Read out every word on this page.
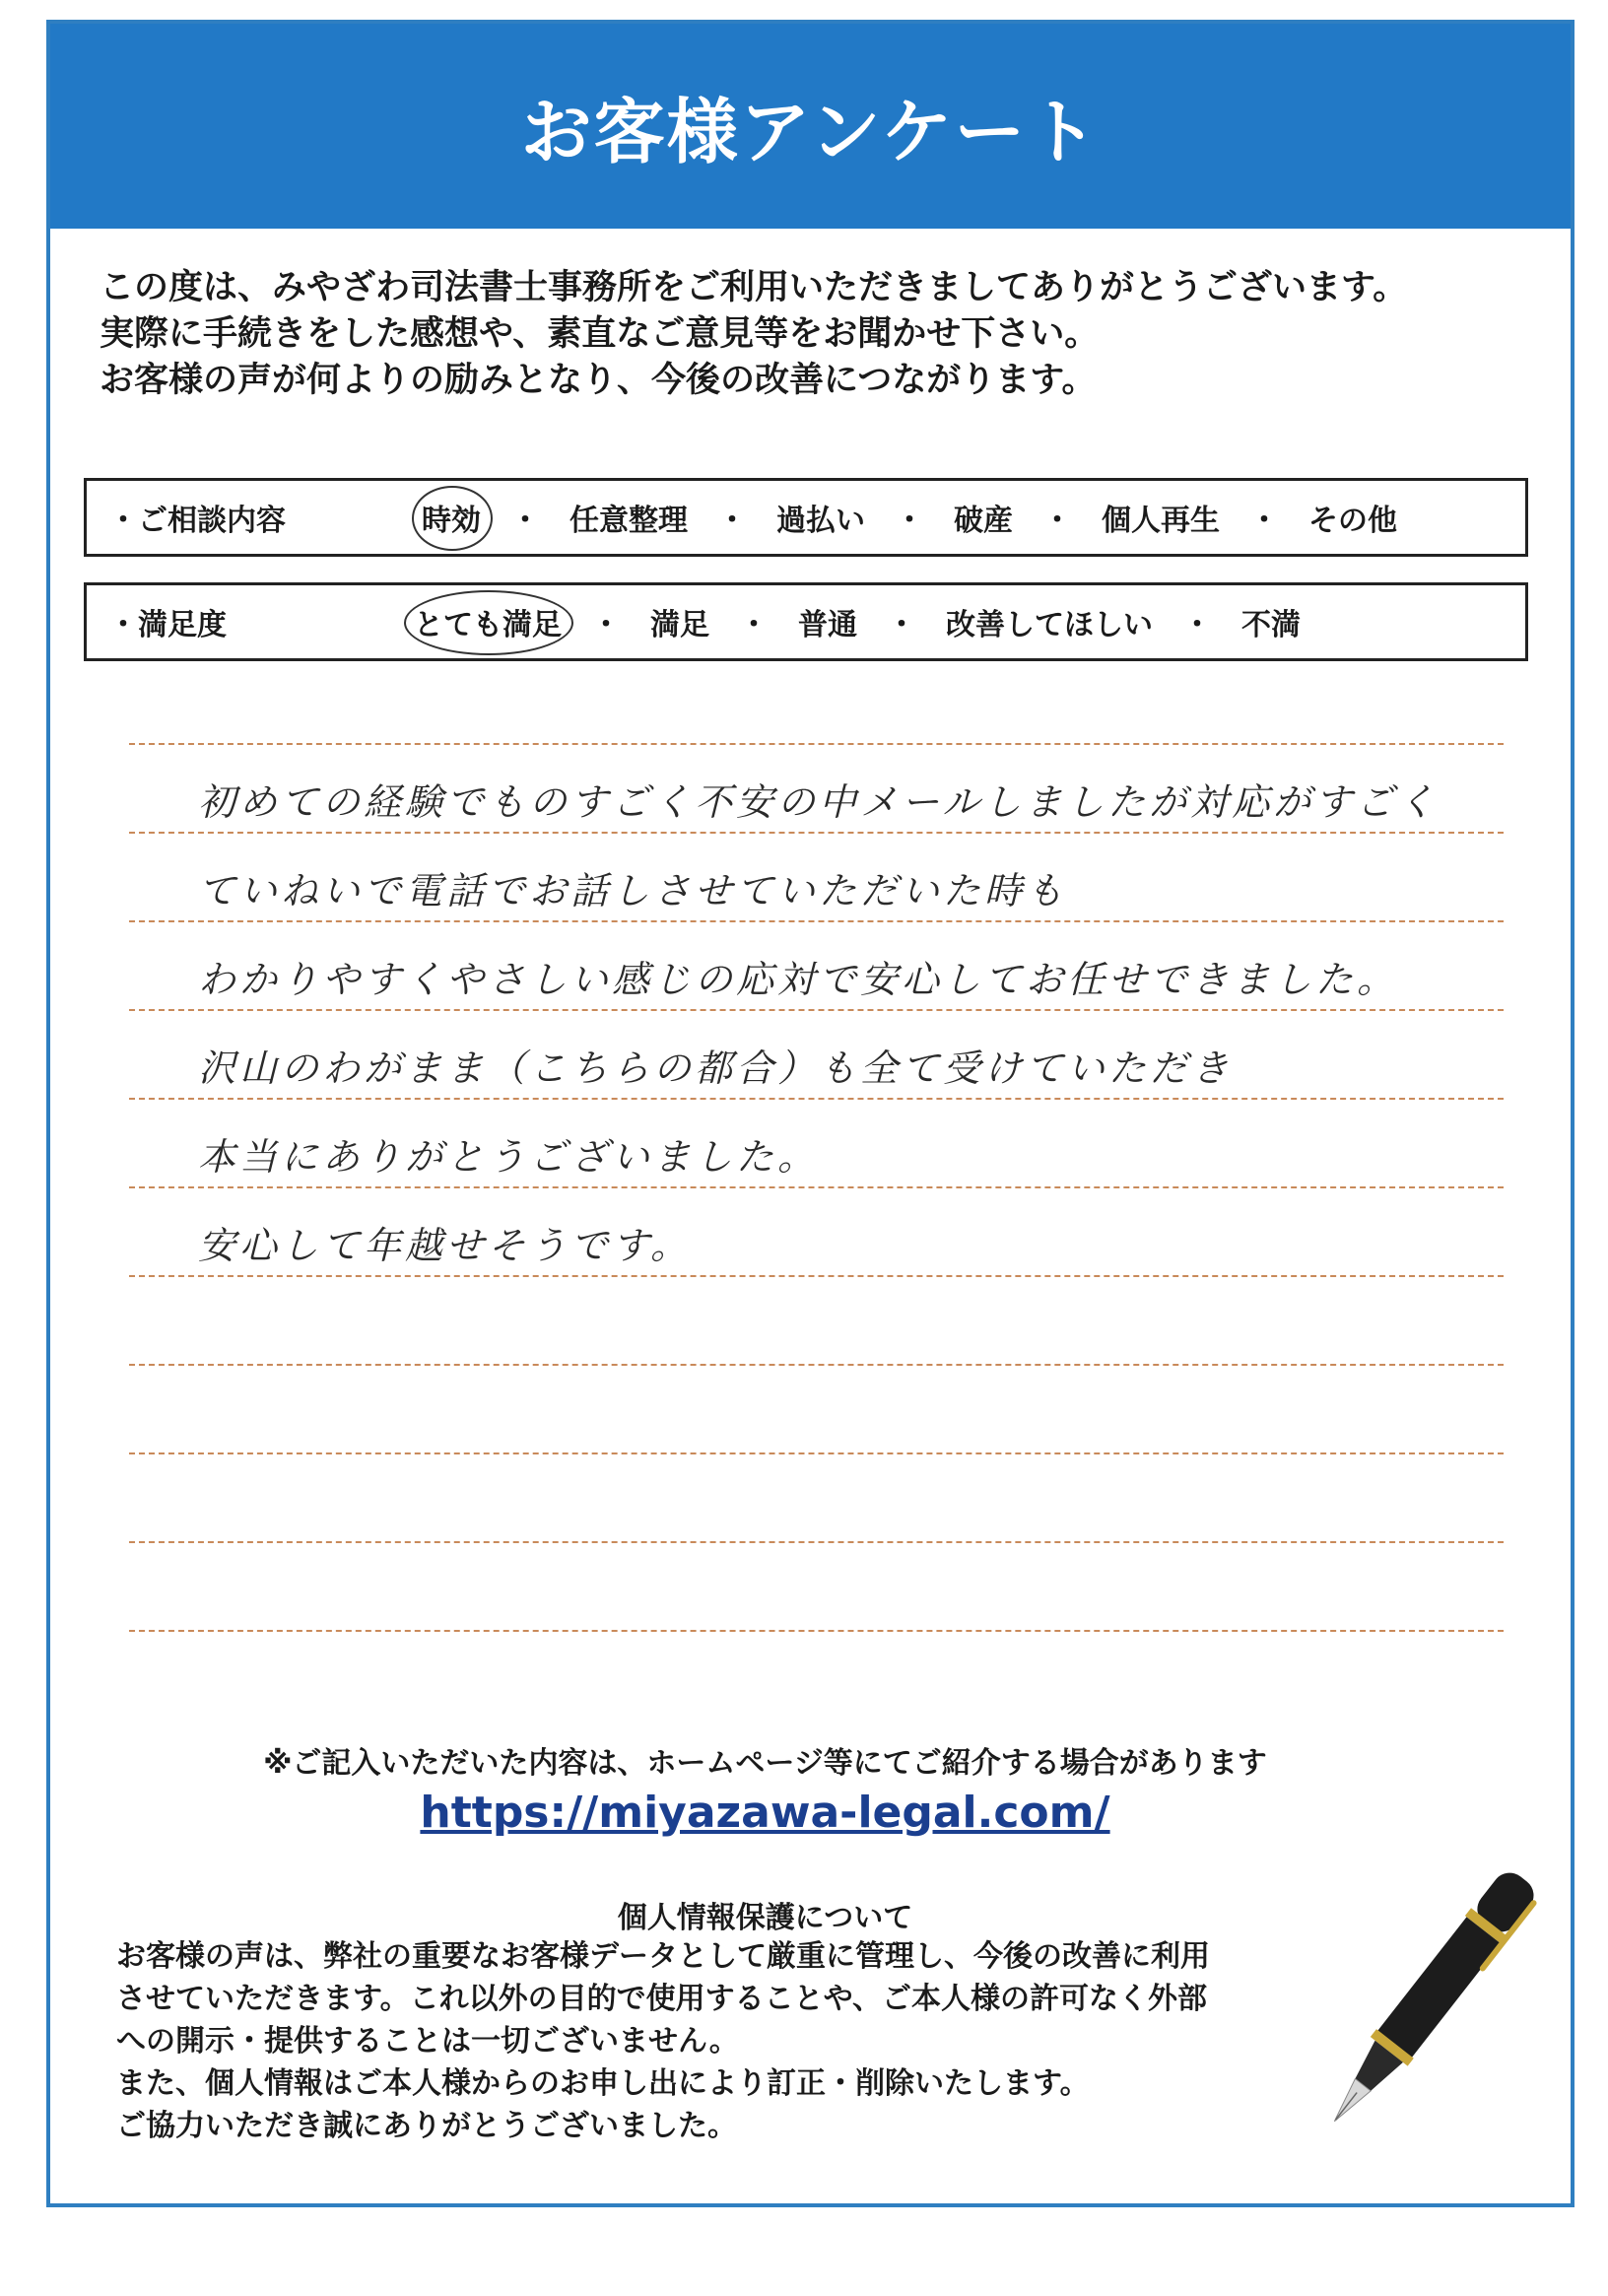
お客様アンケート
この度は、みやざわ司法書士事務所をご利用いただきましてありがとうございます。
実際に手続きをした感想や、素直なご意見等をお聞かせ下さい。
お客様の声が何よりの励みとなり、今後の改善につながります。
・ご相談内容	時効 ・ 任意整理 ・ 過払い ・ 破産 ・ 個人再生 ・ その他
・満足度	とても満足 ・ 満足 ・ 普通 ・ 改善してほしい ・ 不満
初めての経験でものすごく不安の中メールしましたが対応がすごく
ていねいで電話でお話しさせていただいた時も
わかりやすくやさしい感じの応対で安心してお任せできました。
沢山のわがまま（こちらの都合）も全て受けていただき
本当にありがとうございました。
安心して年越せそうです。
※ご記入いただいた内容は、ホームページ等にてご紹介する場合があります
https://miyazawa-legal.com/
個人情報保護について
お客様の声は、弊社の重要なお客様データとして厳重に管理し、今後の改善に利用
させていただきます。これ以外の目的で使用することや、ご本人様の許可なく外部
への開示・提供することは一切ございません。
また、個人情報はご本人様からのお申し出により訂正・削除いたします。
ご協力いただき誠にありがとうございました。
